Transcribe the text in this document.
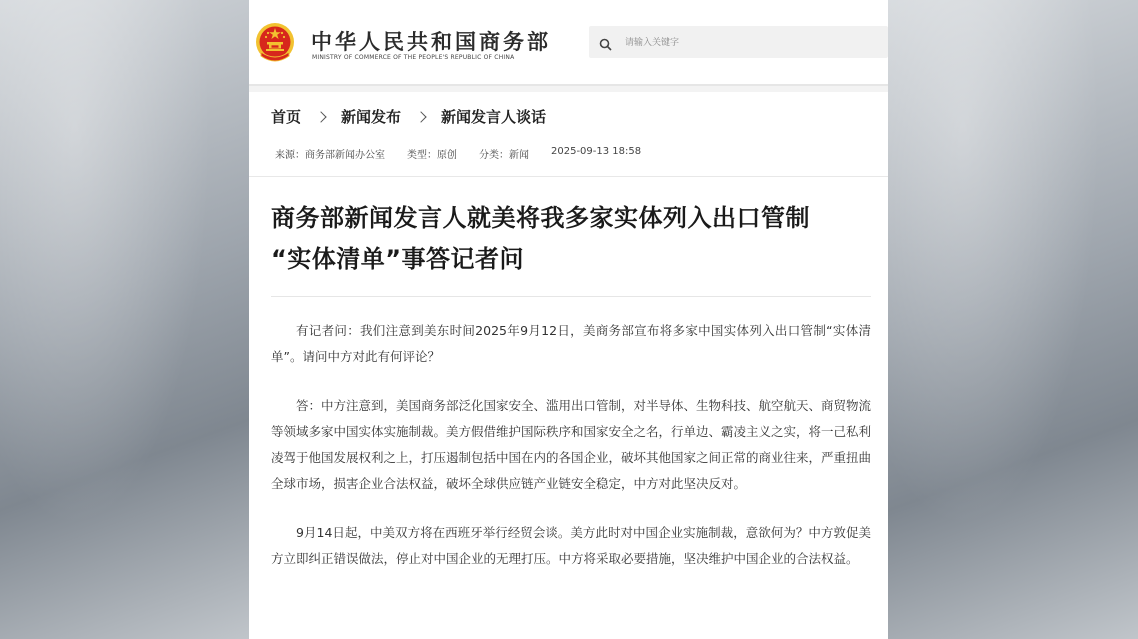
中华人民共和国商务部
MINISTRY OF COMMERCE OF THE PEOPLE'S REPUBLIC OF CHINA
请输入关键字
首页	新闻发布	新闻发言人谈话
来源：商务部新闻办公室 类型：原创 分类：新闻 2025-09-13 18:58
商务部新闻发言人就美将我多家实体列入出口管制
“实体清单”事答记者问

有记者问：我们注意到美东时间2025年9月12日，美商务部宣布将多家中国实体列入出口管制“实体清单”。请问中方对此有何评论？

答：中方注意到，美国商务部泛化国家安全、滥用出口管制，对半导体、生物科技、航空航天、商贸物流等领域多家中国实体实施制裁。美方假借维护国际秩序和国家安全之名，行单边、霸凌主义之实，将一己私利凌驾于他国发展权利之上，打压遏制包括中国在内的各国企业，破坏其他国家之间正常的商业往来，严重扭曲全球市场，损害企业合法权益，破坏全球供应链产业链安全稳定，中方对此坚决反对。

9月14日起，中美双方将在西班牙举行经贸会谈。美方此时对中国企业实施制裁，意欲何为？中方敦促美方立即纠正错误做法，停止对中国企业的无理打压。中方将采取必要措施，坚决维护中国企业的合法权益。
